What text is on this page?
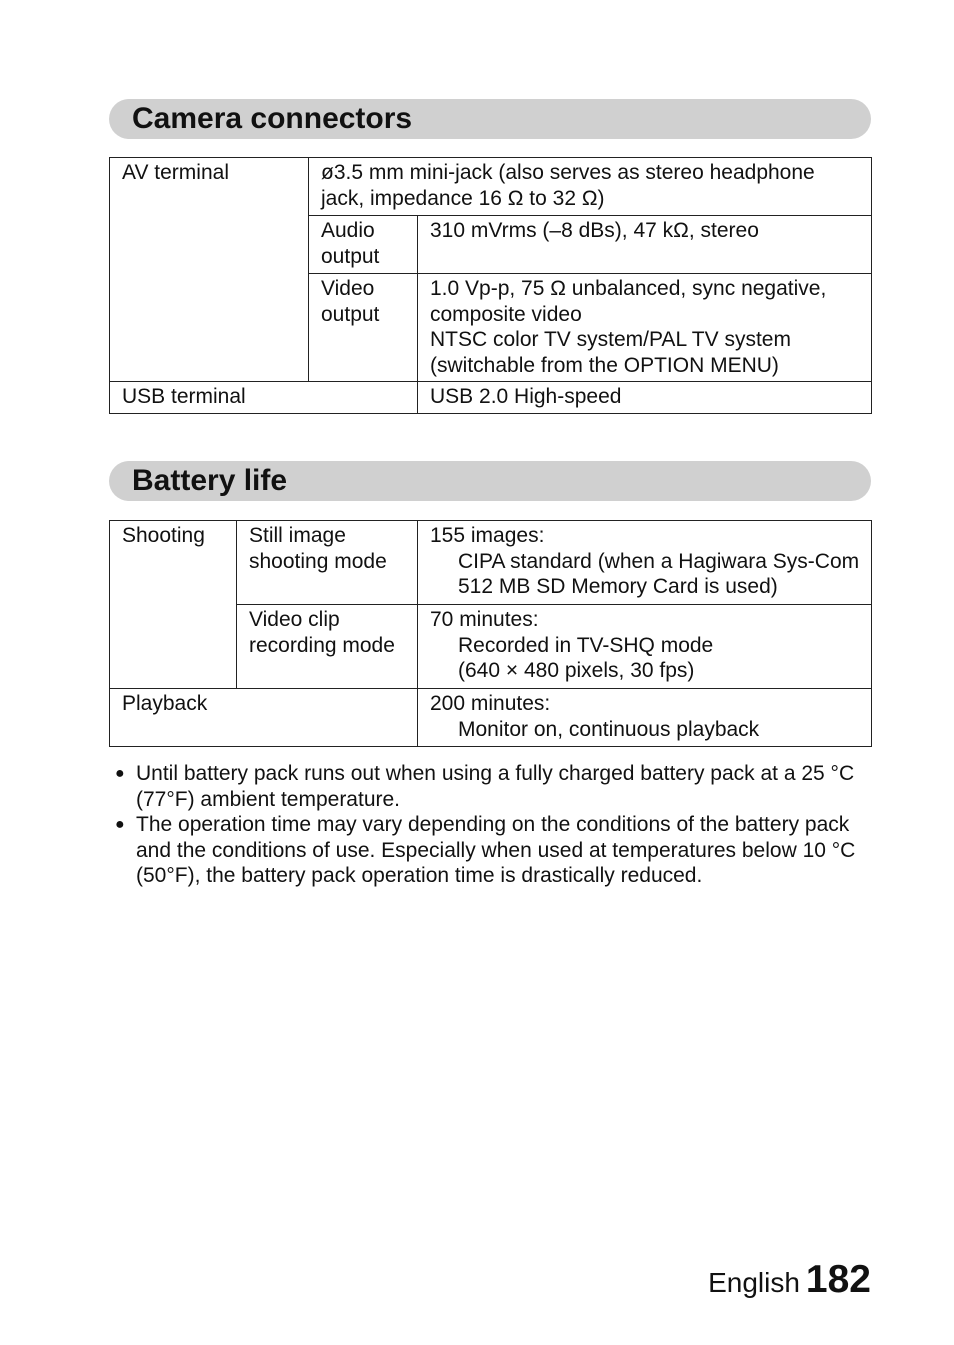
Camera connectors
AV terminal	ø3.5 mm mini-jack (also serves as stereo headphone jack, impedance 16 Ω to 32 Ω)	
	Audio output	310 mVrms (–8 dBs), 47 kΩ, stereo
	Video output	1.0 Vp-p, 75 Ω unbalanced, sync negative, composite video
NTSC color TV system/PAL TV system (switchable from the OPTION MENU)

USB terminal		USB 2.0 High-speed
Battery life
Shooting	Still image shooting mode	155 images:
CIPA standard (when a Hagiwara Sys-Com 512 MB SD Memory Card is used)

	Video clip recording mode	70 minutes:
Recorded in TV-SHQ mode
(640 × 480 pixels, 30 fps)

Playback		200 minutes:
Monitor on, continuous playback
● Until battery pack runs out when using a fully charged battery pack at a 25 °C (77°F) ambient temperature.
● The operation time may vary depending on the conditions of the battery pack and the conditions of use. Especially when used at temperatures below 10 °C (50°F), the battery pack operation time is drastically reduced.
English 182
